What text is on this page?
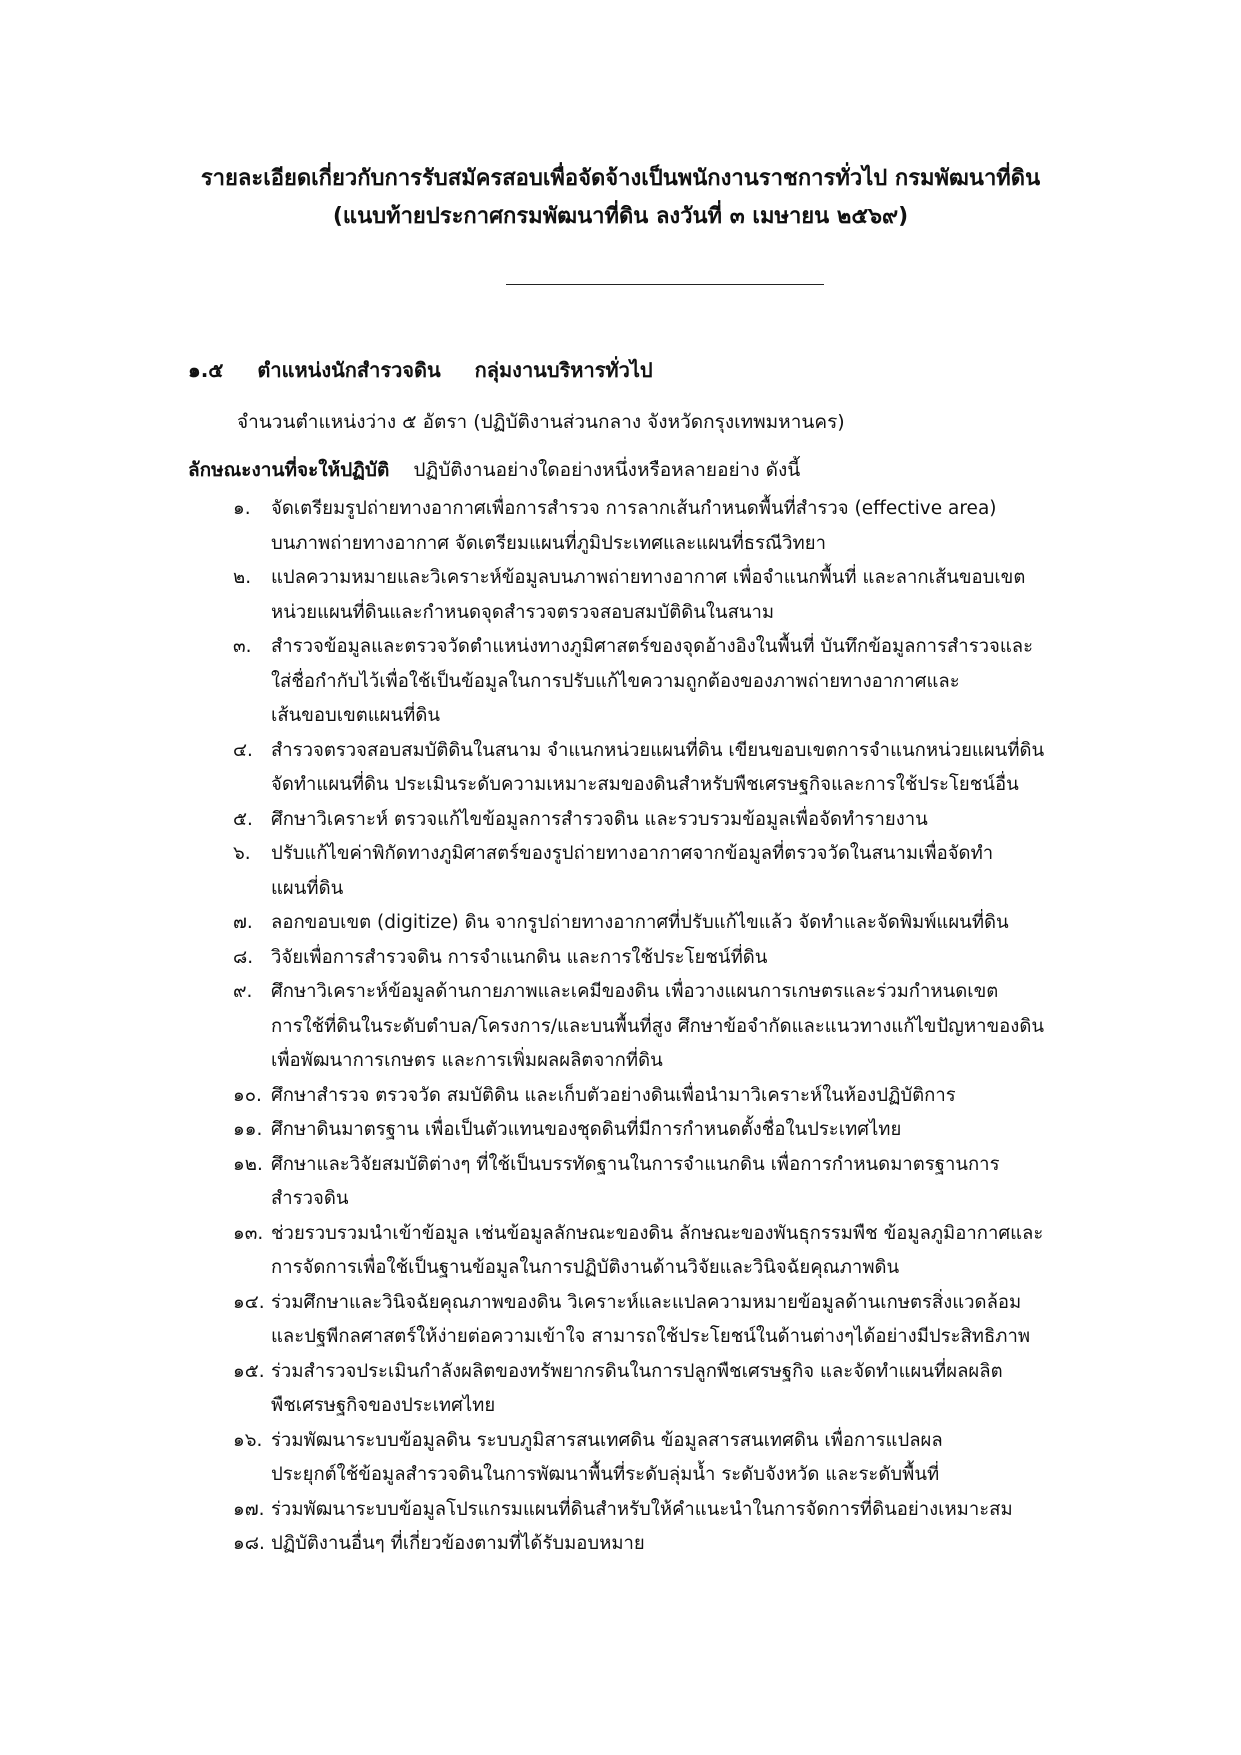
รายละเอียดเกี่ยวกับการรับสมัครสอบเพื่อจัดจ้างเป็นพนักงานราชการทั่วไป กรมพัฒนาที่ดิน
(แนบท้ายประกาศกรมพัฒนาที่ดิน ลงวันที่ ๓ เมษายน ๒๕๖๙)
๑.๕ ตำแหน่งนักสำรวจดิน กลุ่มงานบริหารทั่วไป
จำนวนตำแหน่งว่าง ๕ อัตรา (ปฏิบัติงานส่วนกลาง จังหวัดกรุงเทพมหานคร)
ลักษณะงานที่จะให้ปฏิบัติ ปฏิบัติงานอย่างใดอย่างหนึ่งหรือหลายอย่าง ดังนี้
๑.	จัดเตรียมรูปถ่ายทางอากาศเพื่อการสำรวจ การลากเส้นกำหนดพื้นที่สำรวจ (effective area)
บนภาพถ่ายทางอากาศ จัดเตรียมแผนที่ภูมิประเทศและแผนที่ธรณีวิทยา
๒.	แปลความหมายและวิเคราะห์ข้อมูลบนภาพถ่ายทางอากาศ เพื่อจำแนกพื้นที่ และลากเส้นขอบเขต
หน่วยแผนที่ดินและกำหนดจุดสำรวจตรวจสอบสมบัติดินในสนาม
๓.	สำรวจข้อมูลและตรวจวัดตำแหน่งทางภูมิศาสตร์ของจุดอ้างอิงในพื้นที่ บันทึกข้อมูลการสำรวจและ
ใส่ชื่อกำกับไว้เพื่อใช้เป็นข้อมูลในการปรับแก้ไขความถูกต้องของภาพถ่ายทางอากาศและ
เส้นขอบเขตแผนที่ดิน
๔. สำรวจตรวจสอบสมบัติดินในสนาม จำแนกหน่วยแผนที่ดิน เขียนขอบเขตการจำแนกหน่วยแผนที่ดิน
จัดทำแผนที่ดิน ประเมินระดับความเหมาะสมของดินสำหรับพืชเศรษฐกิจและการใช้ประโยชน์อื่น
๕. ศึกษาวิเคราะห์ ตรวจแก้ไขข้อมูลการสำรวจดิน และรวบรวมข้อมูลเพื่อจัดทำรายงาน
๖.	ปรับแก้ไขค่าพิกัดทางภูมิศาสตร์ของรูปถ่ายทางอากาศจากข้อมูลที่ตรวจวัดในสนามเพื่อจัดทำ
แผนที่ดิน
๗. ลอกขอบเขต (digitize) ดิน จากรูปถ่ายทางอากาศที่ปรับแก้ไขแล้ว จัดทำและจัดพิมพ์แผนที่ดิน
๘. วิจัยเพื่อการสำรวจดิน การจำแนกดิน และการใช้ประโยชน์ที่ดิน
๙.	ศึกษาวิเคราะห์ข้อมูลด้านกายภาพและเคมีของดิน เพื่อวางแผนการเกษตรและร่วมกำหนดเขต
การใช้ที่ดินในระดับตำบล/โครงการ/และบนพื้นที่สูง ศึกษาข้อจำกัดและแนวทางแก้ไขปัญหาของดิน
เพื่อพัฒนาการเกษตร และการเพิ่มผลผลิตจากที่ดิน
๑๐. ศึกษาสำรวจ ตรวจวัด สมบัติดิน และเก็บตัวอย่างดินเพื่อนำมาวิเคราะห์ในห้องปฏิบัติการ
๑๑. ศึกษาดินมาตรฐาน เพื่อเป็นตัวแทนของชุดดินที่มีการกำหนดตั้งชื่อในประเทศไทย
๑๒. ศึกษาและวิจัยสมบัติต่างๆ ที่ใช้เป็นบรรทัดฐานในการจำแนกดิน เพื่อการกำหนดมาตรฐานการ
สำรวจดิน
๑๓. ช่วยรวบรวมนำเข้าข้อมูล เช่นข้อมูลลักษณะของดิน ลักษณะของพันธุกรรมพืช ข้อมูลภูมิอากาศและ
การจัดการเพื่อใช้เป็นฐานข้อมูลในการปฏิบัติงานด้านวิจัยและวินิจฉัยคุณภาพดิน
๑๔. ร่วมศึกษาและวินิจฉัยคุณภาพของดิน วิเคราะห์และแปลความหมายข้อมูลด้านเกษตรสิ่งแวดล้อม
และปฐพีกลศาสตร์ให้ง่ายต่อความเข้าใจ สามารถใช้ประโยชน์ในด้านต่างๆได้อย่างมีประสิทธิภาพ
๑๕. ร่วมสำรวจประเมินกำลังผลิตของทรัพยากรดินในการปลูกพืชเศรษฐกิจ และจัดทำแผนที่ผลผลิต
พืชเศรษฐกิจของประเทศไทย
๑๖. ร่วมพัฒนาระบบข้อมูลดิน ระบบภูมิสารสนเทศดิน ข้อมูลสารสนเทศดิน เพื่อการแปลผล
ประยุกต์ใช้ข้อมูลสำรวจดินในการพัฒนาพื้นที่ระดับลุ่มน้ำ ระดับจังหวัด และระดับพื้นที่
๑๗. ร่วมพัฒนาระบบข้อมูลโปรแกรมแผนที่ดินสำหรับให้คำแนะนำในการจัดการที่ดินอย่างเหมาะสม
๑๘. ปฏิบัติงานอื่นๆ ที่เกี่ยวข้องตามที่ได้รับมอบหมาย
